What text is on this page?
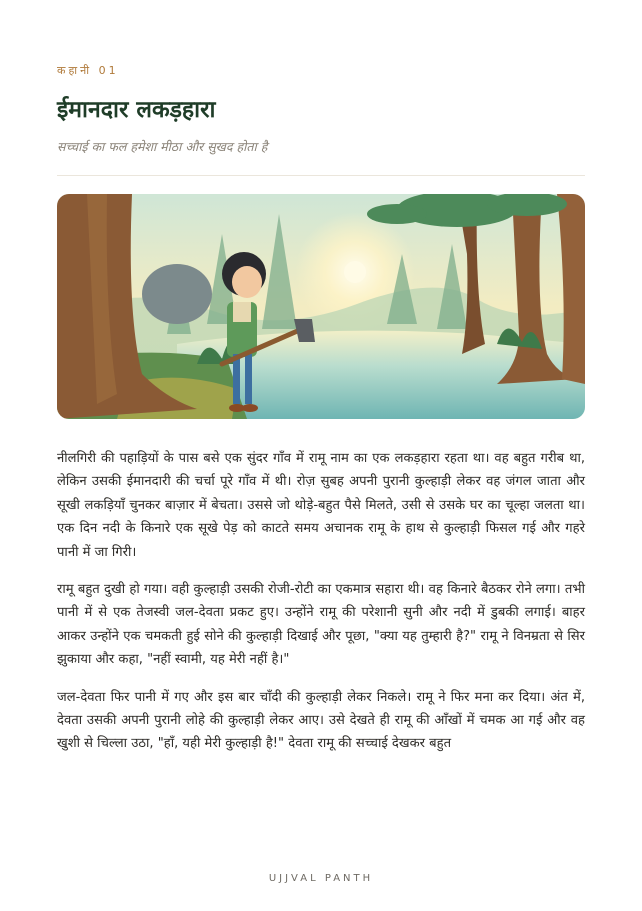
कहानी 01
ईमानदार लकड़हारा
सच्चाई का फल हमेशा मीठा और सुखद होता है

नीलगिरी की पहाड़ियों के पास बसे एक सुंदर गाँव में रामू नाम का एक लकड़हारा रहता था। वह बहुत गरीब था, लेकिन उसकी ईमानदारी की चर्चा पूरे गाँव में थी। रोज़ सुबह अपनी पुरानी कुल्हाड़ी लेकर वह जंगल जाता और सूखी लकड़ियाँ चुनकर बाज़ार में बेचता। उससे जो थोड़े-बहुत पैसे मिलते, उसी से उसके घर का चूल्हा जलता था। एक दिन नदी के किनारे एक सूखे पेड़ को काटते समय अचानक रामू के हाथ से कुल्हाड़ी फिसल गई और गहरे पानी में जा गिरी।

रामू बहुत दुखी हो गया। वही कुल्हाड़ी उसकी रोजी-रोटी का एकमात्र सहारा थी। वह किनारे बैठकर रोने लगा। तभी पानी में से एक तेजस्वी जल-देवता प्रकट हुए। उन्होंने रामू की परेशानी सुनी और नदी में डुबकी लगाई। बाहर आकर उन्होंने एक चमकती हुई सोने की कुल्हाड़ी दिखाई और पूछा, "क्या यह तुम्हारी है?" रामू ने विनम्रता से सिर झुकाया और कहा, "नहीं स्वामी, यह मेरी नहीं है।"

जल-देवता फिर पानी में गए और इस बार चाँदी की कुल्हाड़ी लेकर निकले। रामू ने फिर मना कर दिया। अंत में, देवता उसकी अपनी पुरानी लोहे की कुल्हाड़ी लेकर आए। उसे देखते ही रामू की आँखों में चमक आ गई और वह खुशी से चिल्ला उठा, "हाँ, यही मेरी कुल्हाड़ी है!" देवता रामू की सच्चाई देखकर बहुत

UJJVAL PANTH
